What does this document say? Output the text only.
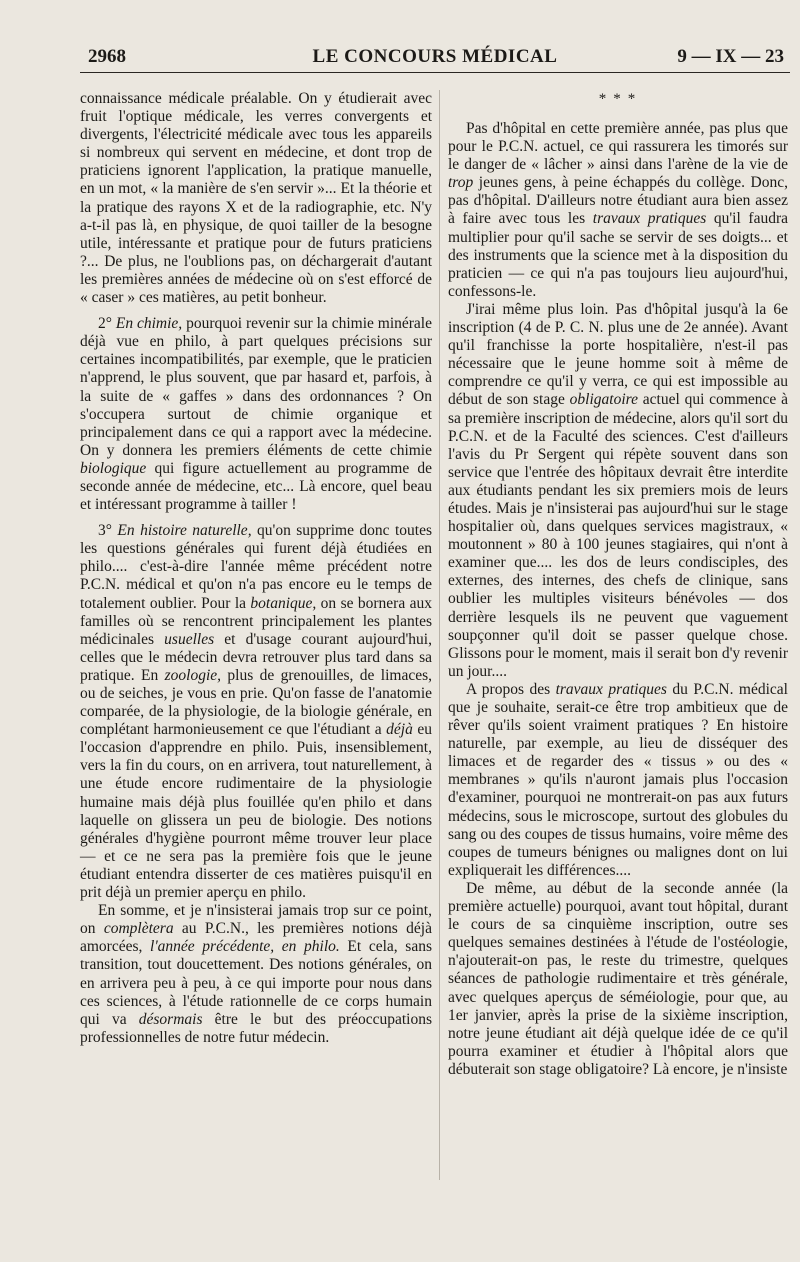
2968	LE CONCOURS MÉDICAL	9 — IX — 23

connaissance médicale préalable. On y étudierait avec fruit l'optique médicale, les verres convergents et divergents, l'électricité médicale avec tous les appareils si nombreux qui servent en médecine, et dont trop de praticiens ignorent l'application, la pratique manuelle, en un mot, « la manière de s'en servir »... Et la théorie et la pratique des rayons X et de la radiographie, etc. N'y a-t-il pas là, en physique, de quoi tailler de la besogne utile, intéressante et pratique pour de futurs praticiens ?... De plus, ne l'oublions pas, on déchargerait d'autant les premières années de médecine où on s'est efforcé de « caser » ces matières, au petit bonheur.

2° En chimie, pourquoi revenir sur la chimie minérale déjà vue en philo, à part quelques précisions sur certaines incompatibilités, par exemple, que le praticien n'apprend, le plus souvent, que par hasard et, parfois, à la suite de « gaffes » dans des ordonnances ? On s'occupera surtout de chimie organique et principalement dans ce qui a rapport avec la médecine. On y donnera les premiers éléments de cette chimie biologique qui figure actuellement au programme de seconde année de médecine, etc... Là encore, quel beau et intéressant programme à tailler !

3° En histoire naturelle, qu'on supprime donc toutes les questions générales qui furent déjà étudiées en philo.... c'est-à-dire l'année même précédent notre P.C.N. médical et qu'on n'a pas encore eu le temps de totalement oublier. Pour la botanique, on se bornera aux familles où se rencontrent principalement les plantes médicinales usuelles et d'usage courant aujourd'hui, celles que le médecin devra retrouver plus tard dans sa pratique. En zoologie, plus de grenouilles, de limaces, ou de seiches, je vous en prie. Qu'on fasse de l'anatomie comparée, de la physiologie, de la biologie générale, en complétant harmonieusement ce que l'étudiant a déjà eu l'occasion d'apprendre en philo. Puis, insensiblement, vers la fin du cours, on en arrivera, tout naturellement, à une étude encore rudimentaire de la physiologie humaine mais déjà plus fouillée qu'en philo et dans laquelle on glissera un peu de biologie. Des notions générales d'hygiène pourront même trouver leur place — et ce ne sera pas la première fois que le jeune étudiant entendra disserter de ces matières puisqu'il en prit déjà un premier aperçu en philo.

En somme, et je n'insisterai jamais trop sur ce point, on complètera au P.C.N., les premières notions déjà amorcées, l'année précédente, en philo. Et cela, sans transition, tout doucettement. Des notions générales, on en arrivera peu à peu, à ce qui importe pour nous dans ces sciences, à l'étude rationnelle de ce corps humain qui va désormais être le but des préoccupations professionnelles de notre futur médecin.

* * *

Pas d'hôpital en cette première année, pas plus que pour le P.C.N. actuel, ce qui rassurera les timorés sur le danger de « lâcher » ainsi dans l'arène de la vie de trop jeunes gens, à peine échappés du collège. Donc, pas d'hôpital. D'ailleurs notre étudiant aura bien assez à faire avec tous les travaux pratiques qu'il faudra multiplier pour qu'il sache se servir de ses doigts... et des instruments que la science met à la disposition du praticien — ce qui n'a pas toujours lieu aujourd'hui, confessons-le.

J'irai même plus loin. Pas d'hôpital jusqu'à la 6e inscription (4 de P. C. N. plus une de 2e année). Avant qu'il franchisse la porte hospitalière, n'est-il pas nécessaire que le jeune homme soit à même de comprendre ce qu'il y verra, ce qui est impossible au début de son stage obligatoire actuel qui commence à sa première inscription de médecine, alors qu'il sort du P.C.N. et de la Faculté des sciences. C'est d'ailleurs l'avis du Pr Sergent qui répète souvent dans son service que l'entrée des hôpitaux devrait être interdite aux étudiants pendant les six premiers mois de leurs études. Mais je n'insisterai pas aujourd'hui sur le stage hospitalier où, dans quelques services magistraux, « moutonnent » 80 à 100 jeunes stagiaires, qui n'ont à examiner que.... les dos de leurs condisciples, des externes, des internes, des chefs de clinique, sans oublier les multiples visiteurs bénévoles — dos derrière lesquels ils ne peuvent que vaguement soupçonner qu'il doit se passer quelque chose. Glissons pour le moment, mais il serait bon d'y revenir un jour....

A propos des travaux pratiques du P.C.N. médical que je souhaite, serait-ce être trop ambitieux que de rêver qu'ils soient vraiment pratiques ? En histoire naturelle, par exemple, au lieu de disséquer des limaces et de regarder des « tissus » ou des « membranes » qu'ils n'auront jamais plus l'occasion d'examiner, pourquoi ne montrerait-on pas aux futurs médecins, sous le microscope, surtout des globules du sang ou des coupes de tissus humains, voire même des coupes de tumeurs bénignes ou malignes dont on lui expliquerait les différences....

De même, au début de la seconde année (la première actuelle) pourquoi, avant tout hôpital, durant le cours de sa cinquième inscription, outre ses quelques semaines destinées à l'étude de l'ostéologie, n'ajouterait-on pas, le reste du trimestre, quelques séances de pathologie rudimentaire et très générale, avec quelques aperçus de séméiologie, pour que, au 1er janvier, après la prise de la sixième inscription, notre jeune étudiant ait déjà quelque idée de ce qu'il pourra examiner et étudier à l'hôpital alors que débuterait son stage obligatoire? Là encore, je n'insiste
